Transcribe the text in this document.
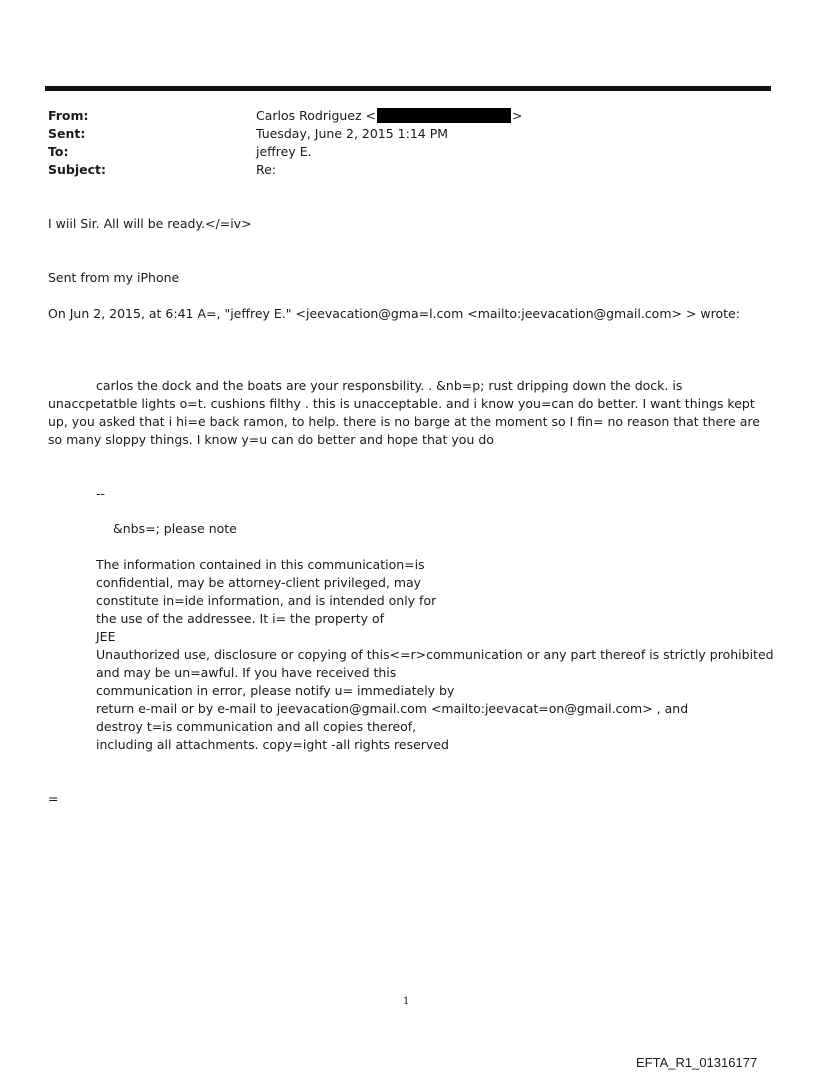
From:	Carlos Rodriguez <	>
Sent:	Tuesday, June 2, 2015 1:14 PM
To:	jeffrey E.
Subject:	Re:
I wiil Sir. All will be ready.</=iv>
Sent from my iPhone
On Jun 2, 2015, at 6:41 A=, "jeffrey E." <jeevacation@gma=l.com <mailto:jeevacation@gmail.com> > wrote:

carlos the dock and the boats are your responsbility. . &nb=p; rust dripping down the dock. is unaccpetatble lights o=t. cushions filthy . this is unacceptable. and i know you=can do better. I want things kept up, you asked that i hi=e back ramon, to help. there is no barge at the moment so I fin= no reason that there are so many sloppy things. I know y=u can do better and hope that you do

--
&nbs=; please note
The information contained in this communication=is
confidential, may be attorney-client privileged, may
constitute in=ide information, and is intended only for
the use of the addressee. It i= the property of
JEE
Unauthorized use, disclosure or copying of this<=r>communication or any part thereof is strictly prohibited
and may be un=awful. If you have received this
communication in error, please notify u= immediately by
return e-mail or by e-mail to jeevacation@gmail.com <mailto:jeevacat=on@gmail.com> , and
destroy t=is communication and all copies thereof,
including all attachments. copy=ight -all rights reserved
=
1
EFTA_R1_01316177
